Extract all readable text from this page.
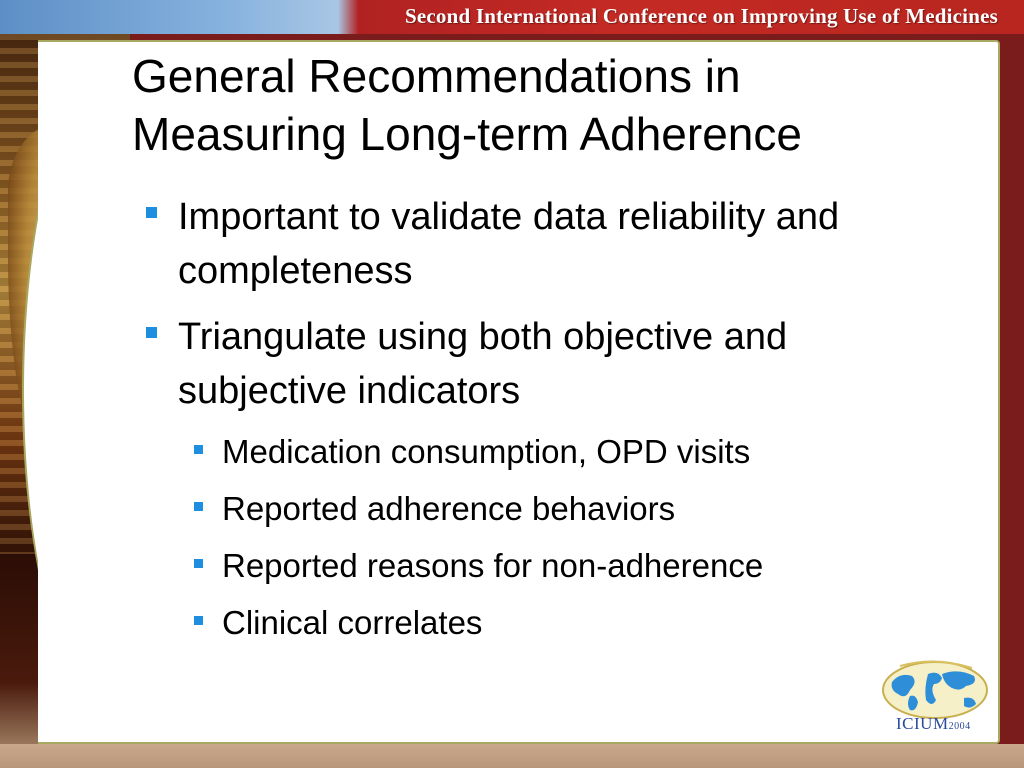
Second International Conference on Improving Use of Medicines
General Recommendations in
Measuring Long-term Adherence
Important to validate data reliability and completeness
Triangulate using both objective and subjective indicators
Medication consumption, OPD visits
Reported adherence behaviors
Reported reasons for non-adherence
Clinical correlates
ICIUM2004
